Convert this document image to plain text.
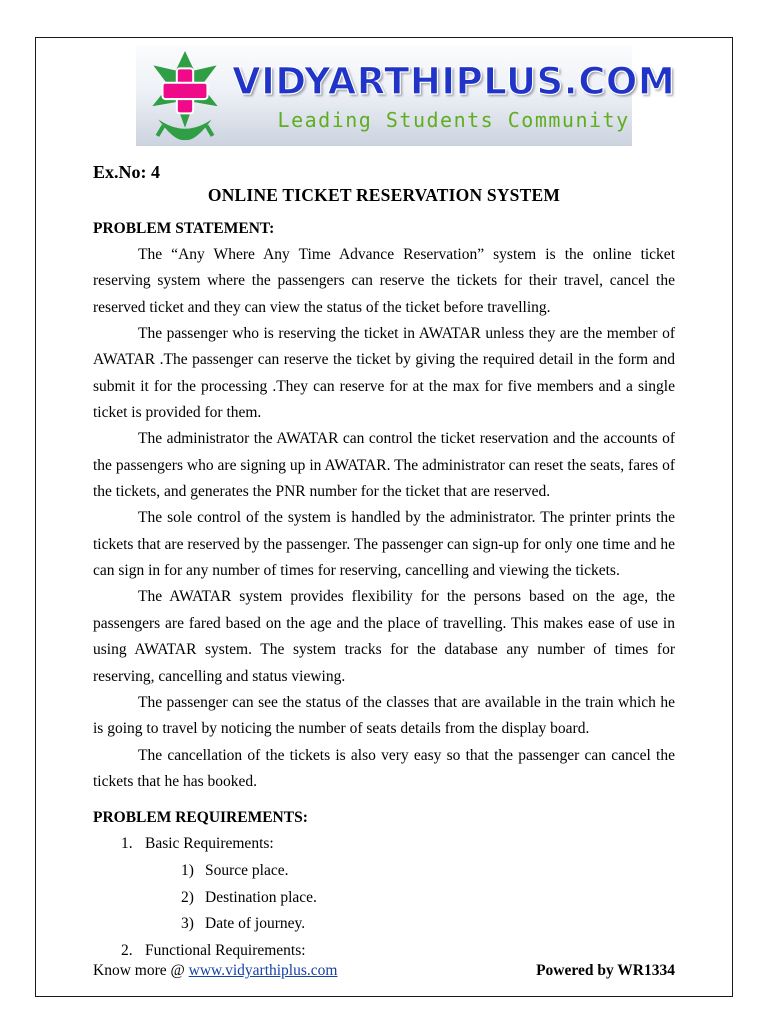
VIDYARTHIPLUS.COM
Leading Students Community
Ex.No: 4
ONLINE TICKET RESERVATION SYSTEM
PROBLEM STATEMENT:

The “Any Where Any Time Advance Reservation” system is the online ticket reserving system where the passengers can reserve the tickets for their travel, cancel the reserved ticket and they can view the status of the ticket before travelling.

The passenger who is reserving the ticket in AWATAR unless they are the member of AWATAR .The passenger can reserve the ticket by giving the required detail in the form and submit it for the processing .They can reserve for at the max for five members and a single ticket is provided for them.

The administrator the AWATAR can control the ticket reservation and the accounts of the passengers who are signing up in AWATAR. The administrator can reset the seats, fares of the tickets, and generates the PNR number for the ticket that are reserved.

The sole control of the system is handled by the administrator. The printer prints the tickets that are reserved by the passenger. The passenger can sign-up for only one time and he can sign in for any number of times for reserving, cancelling and viewing the tickets.

The AWATAR system provides flexibility for the persons based on the age, the passengers are fared based on the age and the place of travelling. This makes ease of use in using AWATAR system. The system tracks for the database any number of times for reserving, cancelling and status viewing.

The passenger can see the status of the classes that are available in the train which he is going to travel by noticing the number of seats details from the display board.

The cancellation of the tickets is also very easy so that the passenger can cancel the tickets that he has booked.

PROBLEM REQUIREMENTS:
1. Basic Requirements:
1) Source place.
2) Destination place.
3) Date of journey.
2. Functional Requirements:
Know more @ www.vidyarthiplus.com	Powered by WR1334
